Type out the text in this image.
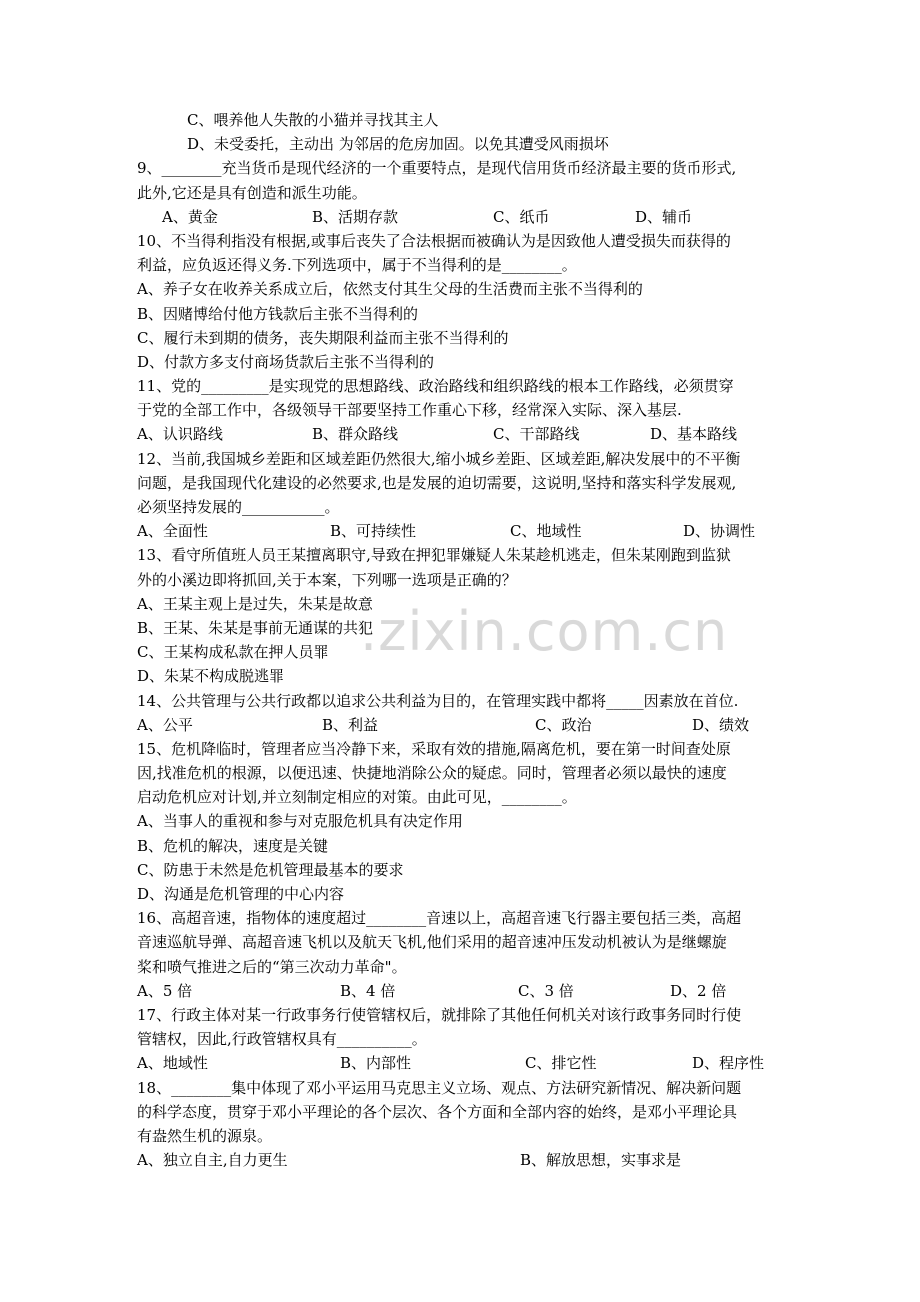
.zixin.com.cn
C、喂养他人失散的小猫并寻找其主人
D、未受委托，主动出 为邻居的危房加固。以免其遭受风雨损坏
9、________充当货币是现代经济的一个重要特点，是现代信用货币经济最主要的货币形式,
此外,它还是具有创造和派生功能。

A、黄金

	B、活期存款

	C、纸币

	D、辅币

10、不当得利指没有根据,或事后丧失了合法根据而被确认为是因致他人遭受损失而获得的
利益，应负返还得义务.下列选项中，属于不当得利的是________。
A、养子女在收养关系成立后，依然支付其生父母的生活费而主张不当得利的
B、因赌博给付他方钱款后主张不当得利的
C、履行未到期的债务，丧失期限利益而主张不当得利的
D、付款方多支付商场货款后主张不当得利的
11、党的_________是实现党的思想路线、政治路线和组织路线的根本工作路线，必须贯穿
于党的全部工作中，各级领导干部要坚持工作重心下移，经常深入实际、深入基层.

A、认识路线

	B、群众路线

	C、干部路线

	D、基本路线

12、当前,我国城乡差距和区域差距仍然很大,缩小城乡差距、区域差距,解决发展中的不平衡
问题，是我国现代化建设的必然要求,也是发展的迫切需要，这说明,坚持和落实科学发展观,
必须坚持发展的___________。

A、全面性

	B、可持续性

	C、地域性

	D、协调性

13、看守所值班人员王某擅离职守,导致在押犯罪嫌疑人朱某趁机逃走，但朱某刚跑到监狱
外的小溪边即将抓回,关于本案，下列哪一选项是正确的？
A、王某主观上是过失，朱某是故意
B、王某、朱某是事前无通谋的共犯
C、王某构成私款在押人员罪
D、朱某不构成脱逃罪
14、公共管理与公共行政都以追求公共利益为目的，在管理实践中都将_____因素放在首位.

A、公平

	B、利益

	C、政治

	D、绩效

15、危机降临时，管理者应当冷静下来，采取有效的措施,隔离危机，要在第一时间查处原
因,找准危机的根源，以便迅速、快捷地消除公众的疑虑。同时，管理者必须以最快的速度
启动危机应对计划,并立刻制定相应的对策。由此可见，________。
A、当事人的重视和参与对克服危机具有决定作用
B、危机的解决，速度是关键
C、防患于未然是危机管理最基本的要求
D、沟通是危机管理的中心内容
16、高超音速，指物体的速度超过________音速以上，高超音速飞行器主要包括三类，高超
音速巡航导弹、高超音速飞机以及航天飞机,他们采用的超音速冲压发动机被认为是继螺旋
桨和喷气推进之后的“第三次动力革命"。

A、5 倍

	B、4 倍

	C、3 倍

	D、2 倍

17、行政主体对某一行政事务行使管辖权后，就排除了其他任何机关对该行政事务同时行使
管辖权，因此,行政管辖权具有__________。

A、地域性

	B、内部性

	C、排它性

	D、程序性

18、________集中体现了邓小平运用马克思主义立场、观点、方法研究新情况、解决新问题
的科学态度，贯穿于邓小平理论的各个层次、各个方面和全部内容的始终，是邓小平理论具
有盎然生机的源泉。

A、独立自主,自力更生

	B、解放思想，实事求是
